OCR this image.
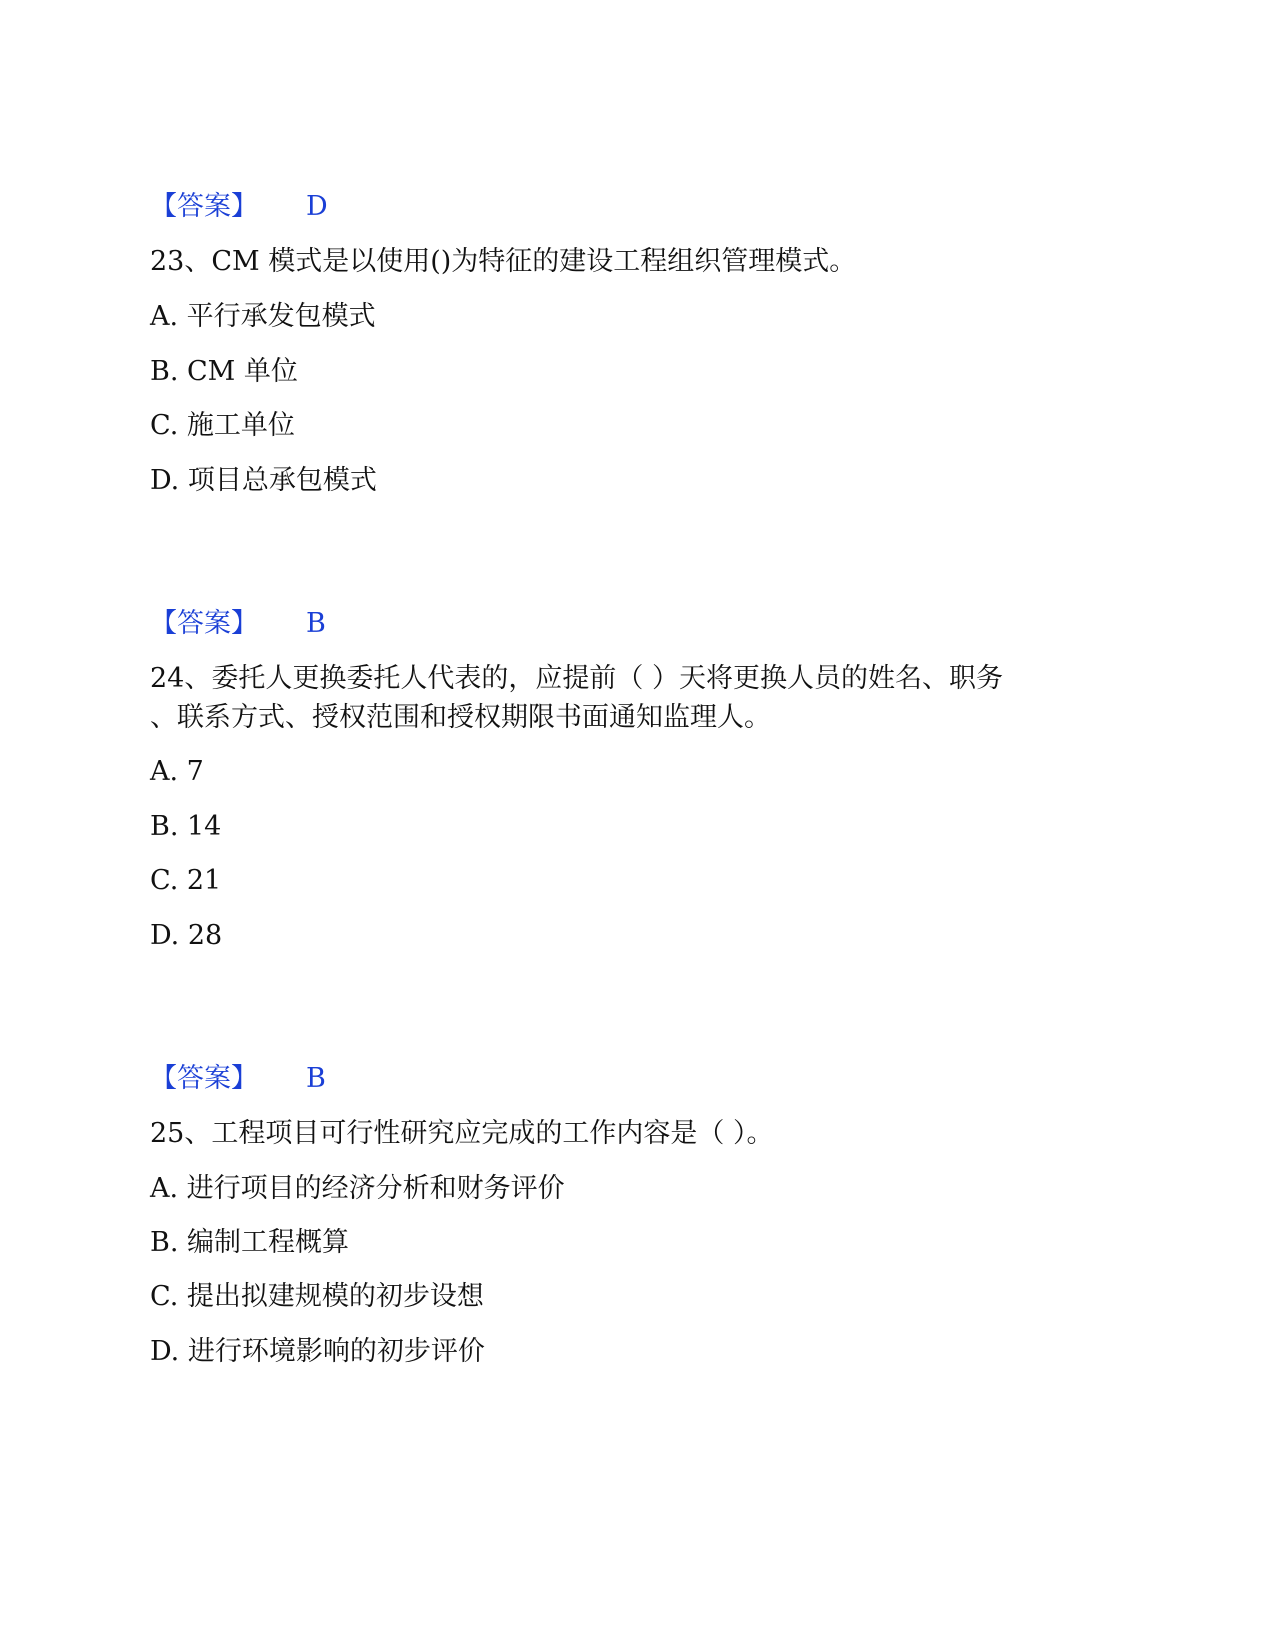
【答案】 D
23、CM 模式是以使用()为特征的建设工程组织管理模式。
A. 平行承发包模式
B. CM 单位
C. 施工单位
D. 项目总承包模式
【答案】 B
24、委托人更换委托人代表的，应提前（ ）天将更换人员的姓名、职务
、联系方式、授权范围和授权期限书面通知监理人。
A. 7
B. 14
C. 21
D. 28
【答案】 B
25、工程项目可行性研究应完成的工作内容是（ ）。
A. 进行项目的经济分析和财务评价
B. 编制工程概算
C. 提出拟建规模的初步设想
D. 进行环境影响的初步评价
